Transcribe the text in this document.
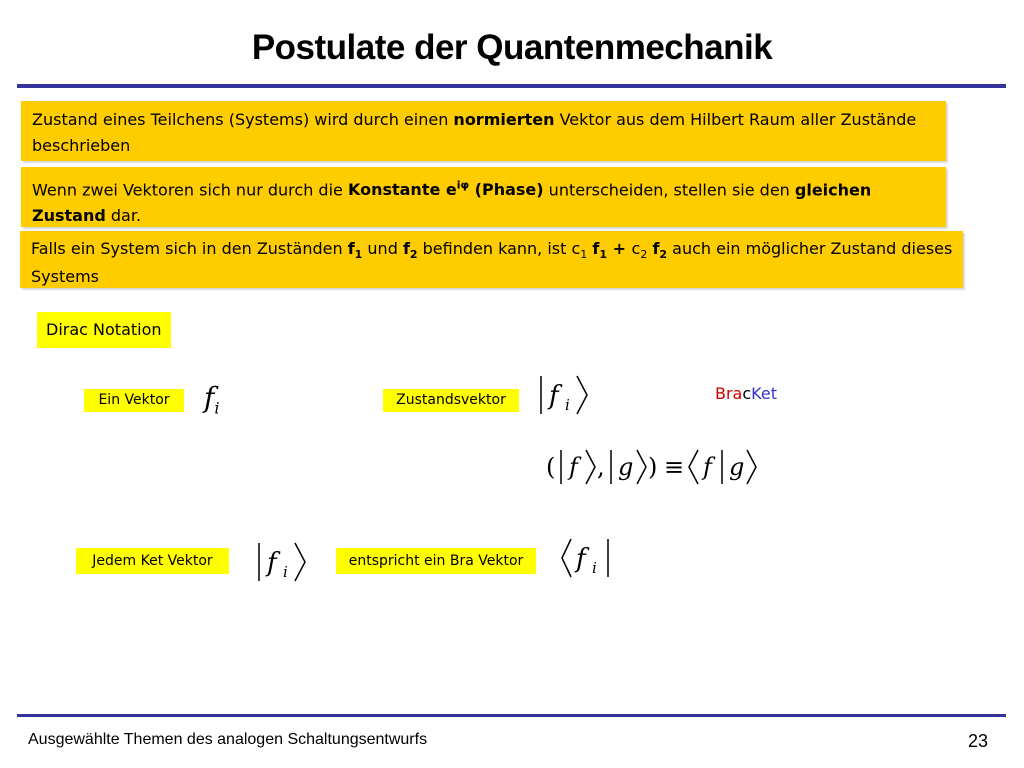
Postulate der Quantenmechanik
Zustand eines Teilchens (Systems) wird durch einen normierten Vektor aus dem Hilbert Raum aller Zustände beschrieben
Wenn zwei Vektoren sich nur durch die Konstante $e^{i\varphi}$ (Phase) unterscheiden, stellen sie den gleichen Zustand dar.
Falls ein System sich in den Zuständen $f_1$ und $f_2$ befinden kann, ist $c_1$ $f_1 + c_2$ $f_2$ auch ein möglicher Zustand dieses Systems
Dirac Notation
Ein Vektor	$f_i$	Zustandsvektor	f i
BracKet
( f , g ) ≡ f g
Jedem Ket Vektor	f i
entspricht ein Bra Vektor	f i
Ausgewählte Themen des analogen Schaltungsentwurfs	23
